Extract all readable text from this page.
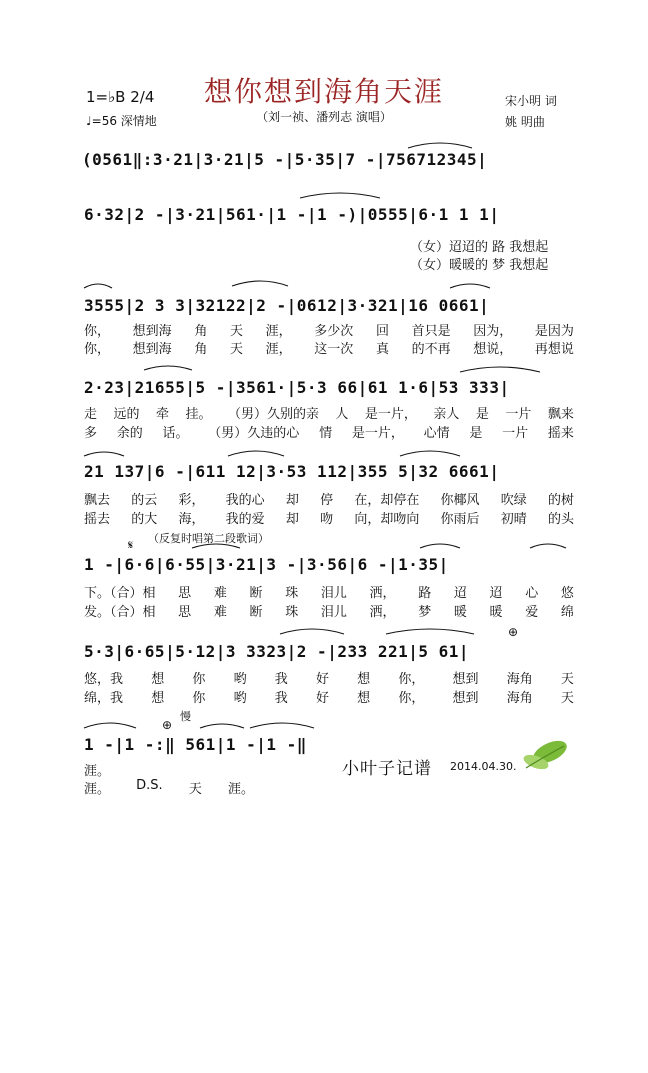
想你想到海角天涯
（刘一祯、潘列志 演唱）
1=♭B 2/4
♩=56 深情地
宋小明 词
姚 明曲
(0561‖:3·21|3·21|5 -|5·35|7 -|756712345|
6·32|2 -|3·21|561·|1 -|1 -)|0555|6·1 1 1|
（女）迢迢的 路 我想起
（女）暖暖的 梦 我想起
3555|2 3 3|32122|2 -|0612|3·321|16 0661|
你， 想到海 角 天 涯， 多少次 回 首只是 因为， 是因为
你， 想到海 角 天 涯， 这一次 真 的不再 想说， 再想说
2·23|21655|5 -|3561·|5·3 66|61 1·6|53 333|
走 远的 牵 挂。 （男）久别的亲 人 是一片， 亲人 是 一片 飘来
多 余的 话。 （男）久违的心 情 是一片， 心情 是 一片 摇来
21 137|6 -|611 12|3·53 112|355 5|32 6661|
飘去 的云 彩， 我的心 却 停 在，却停在 你椰风 吹绿 的树
摇去 的大 海， 我的爱 却 吻 向，却吻向 你雨后 初晴 的头
（反复时唱第二段歌词）
𝄋
1 -|6·6|6·55|3·21|3 -|3·56|6 -|1·35|
下。（合）相 思 难 断 珠 泪儿 洒， 路 迢 迢 心 悠
发。（合）相 思 难 断 珠 泪儿 洒， 梦 暖 暖 爱 绵
⊕
5·3|6·65|5·12|3 3323|2 -|233 221|5 61|
悠，我 想 你 哟 我 好 想 你， 想到 海角 天
绵，我 想 你 哟 我 好 想 你， 想到 海角 天
慢
⊕
1 -|1 -:‖ 561|1 -|1 -‖
涯。
涯。 D.S. 天 涯。
小叶子记谱 2014.04.30.
